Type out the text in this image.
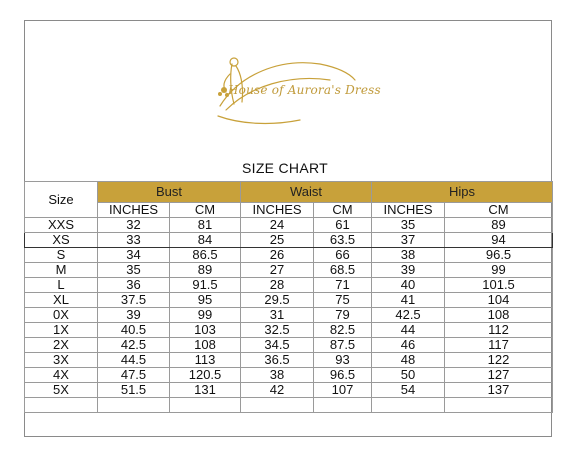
House of Aurora's Dress
SIZE CHART
Size	Bust		Waist		Hips	
	INCHES	CM	INCHES	CM	INCHES	CM
XXS	32	81	24	61	35	89
XS	33	84	25	63.5	37	94
S	34	86.5	26	66	38	96.5
M	35	89	27	68.5	39	99
L	36	91.5	28	71	40	101.5
XL	37.5	95	29.5	75	41	104
0X	39	99	31	79	42.5	108
1X	40.5	103	32.5	82.5	44	112
2X	42.5	108	34.5	87.5	46	117
3X	44.5	113	36.5	93	48	122
4X	47.5	120.5	38	96.5	50	127
5X	51.5	131	42	107	54	137
